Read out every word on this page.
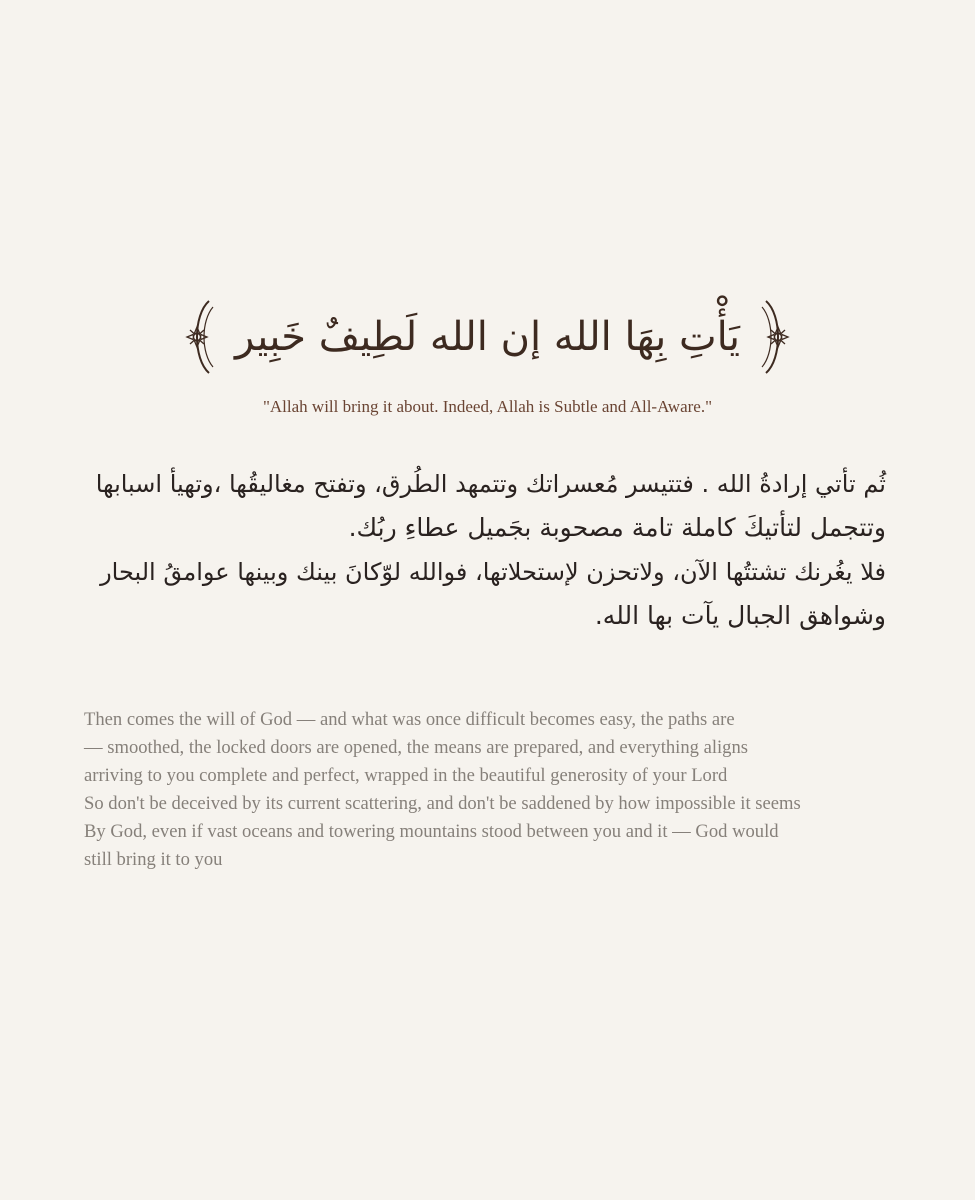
يَأْتِ بِهَا الله إن الله لَطِيفٌ خَبِير
"Allah will bring it about. Indeed, Allah is Subtle and All-Aware."

ثُم تأتي إرادةُ الله . فتتيسر مُعسراتك وتتمهد الطُرق، وتفتح مغاليقُها ،وتهيأ اسبابها

وتتجمل لتأتيكَ كاملة تامة مصحوبة بجَميل عطاءِ ربُك.

فلا يغُرنك تشتتُها الآن، ولاتحزن لإستحلاتها، فوالله لوّكانَ بينك وبينها عوامقُ البحار

وشواهق الجبال يآت بها الله.

Then comes the will of God — and what was once difficult becomes easy, the paths are

— smoothed, the locked doors are opened, the means are prepared, and everything aligns

arriving to you complete and perfect, wrapped in the beautiful generosity of your Lord

So don't be deceived by its current scattering, and don't be saddened by how impossible it seems

By God, even if vast oceans and towering mountains stood between you and it — God would

still bring it to you
